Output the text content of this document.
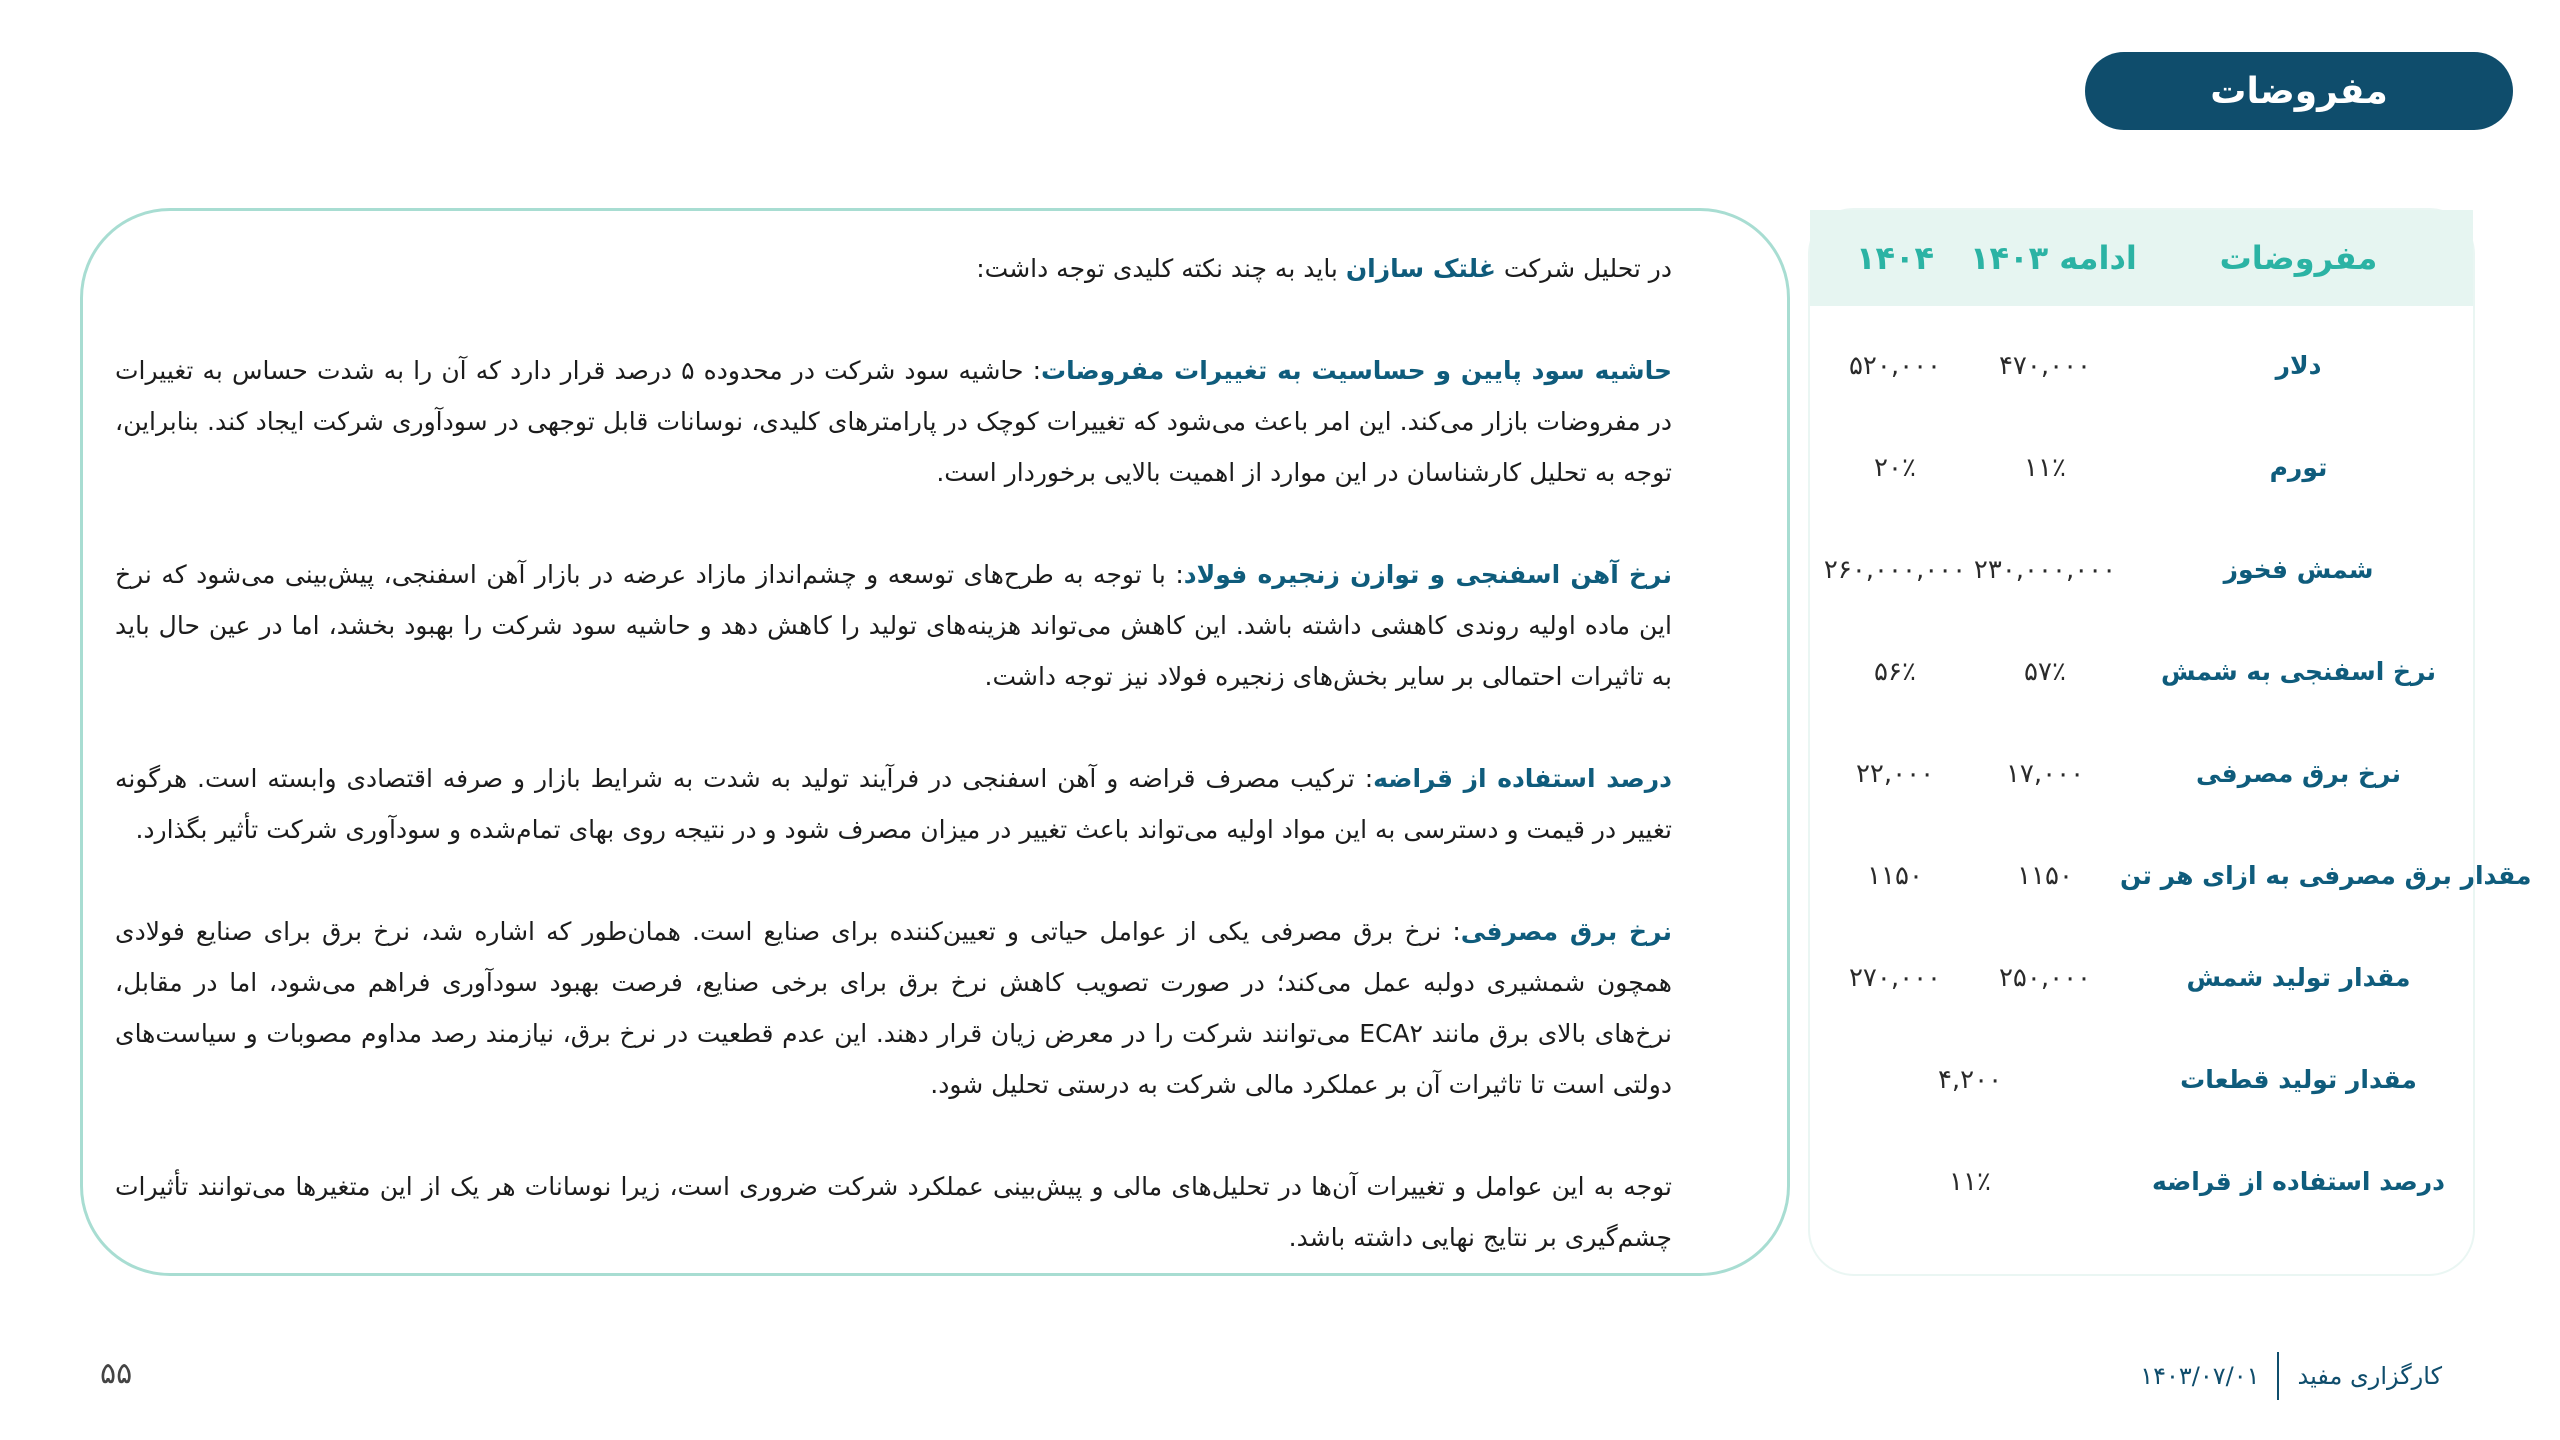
مفروضات

در تحلیل شرکت غلتک سازان باید به چند نکته کلیدی توجه داشت:

حاشیه سود پایین و حساسیت به تغییرات مفروضات: حاشیه سود شرکت در محدوده ۵ درصد قرار دارد که آن را به شدت حساس به تغییرات در مفروضات بازار می‌کند. این امر باعث می‌شود که تغییرات کوچک در پارامترهای کلیدی، نوسانات قابل توجهی در سودآوری شرکت ایجاد کند. بنابراین، توجه به تحلیل کارشناسان در این موارد از اهمیت بالایی برخوردار است.

نرخ آهن اسفنجی و توازن زنجیره فولاد: با توجه به طرح‌های توسعه و چشم‌انداز مازاد عرضه در بازار آهن اسفنجی، پیش‌بینی می‌شود که نرخ این ماده اولیه روندی کاهشی داشته باشد. این کاهش می‌تواند هزینه‌های تولید را کاهش دهد و حاشیه سود شرکت را بهبود بخشد، اما در عین حال باید به تاثیرات احتمالی بر سایر بخش‌های زنجیره فولاد نیز توجه داشت.

درصد استفاده از قراضه: ترکیب مصرف قراضه و آهن اسفنجی در فرآیند تولید به شدت به شرایط بازار و صرفه اقتصادی وابسته است. هرگونه تغییر در قیمت و دسترسی به این مواد اولیه می‌تواند باعث تغییر در میزان مصرف شود و در نتیجه روی بهای تمام‌شده و سودآوری شرکت تأثیر بگذارد.

نرخ برق مصرفی: نرخ برق مصرفی یکی از عوامل حیاتی و تعیین‌کننده برای صنایع است. همان‌طور که اشاره شد، نرخ برق برای صنایع فولادی همچون شمشیری دولبه عمل می‌کند؛ در صورت تصویب کاهش نرخ برق برای برخی صنایع، فرصت بهبود سودآوری فراهم می‌شود، اما در مقابل، نرخ‌های بالای برق مانند ECA۲ می‌توانند شرکت را در معرض زیان قرار دهند. این عدم قطعیت در نرخ برق، نیازمند رصد مداوم مصوبات و سیاست‌های دولتی است تا تاثیرات آن بر عملکرد مالی شرکت به درستی تحلیل شود.

توجه به این عوامل و تغییرات آن‌ها در تحلیل‌های مالی و پیش‌بینی عملکرد شرکت ضروری است، زیرا نوسانات هر یک از این متغیرها می‌توانند تأثیرات چشم‌گیری بر نتایج نهایی داشته باشد.

مفروضات
ادامه ۱۴۰۳
۱۴۰۴
دلار
۴۷۰,۰۰۰
۵۲۰,۰۰۰
تورم
۱۱٪
۲۰٪
شمش فخوز
۲۳۰,۰۰۰,۰۰۰
۲۶۰,۰۰۰,۰۰۰
نرخ اسفنجی به شمش
۵۷٪
۵۶٪
نرخ برق مصرفی
۱۷,۰۰۰
۲۲,۰۰۰
مقدار برق مصرفی به ازای هر تن
۱۱۵۰
۱۱۵۰
مقدار تولید شمش
۲۵۰,۰۰۰
۲۷۰,۰۰۰
مقدار تولید قطعات
۴,۲۰۰
درصد استفاده از قراضه
۱۱٪
۵۵	کارگزاری مفید
۱۴۰۳/۰۷/۰۱
